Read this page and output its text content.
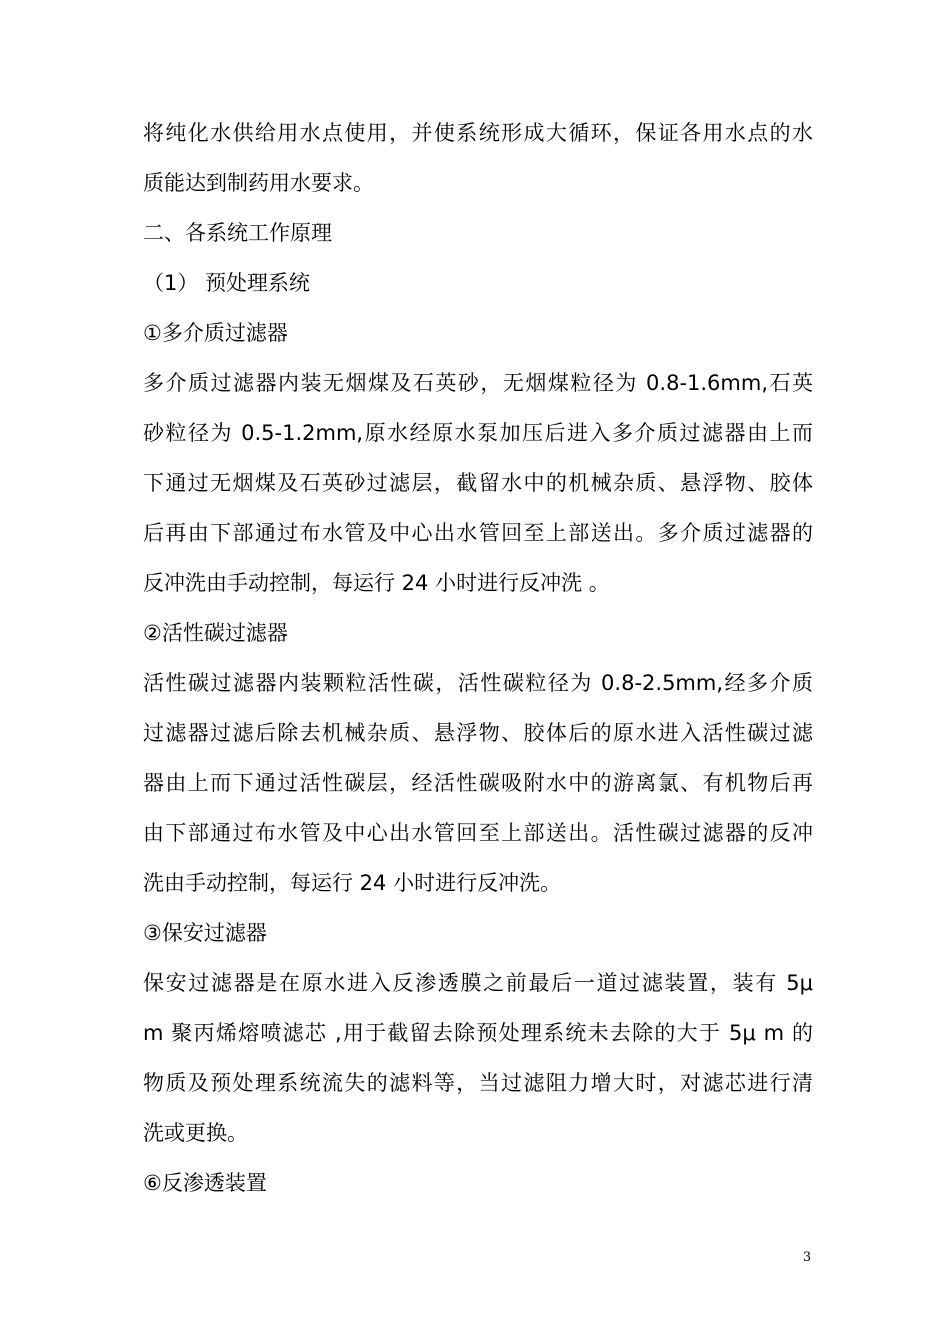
将纯化水供给用水点使用，并使系统形成大循环，保证各用水点的水
质能达到制药用水要求。
二、各系统工作原理
（1） 预处理系统
①多介质过滤器
多介质过滤器内装无烟煤及石英砂，无烟煤粒径为 0.8-1.6mm,石英
砂粒径为 0.5-1.2mm,原水经原水泵加压后进入多介质过滤器由上而
下通过无烟煤及石英砂过滤层，截留水中的机械杂质、悬浮物、胶体
后再由下部通过布水管及中心出水管回至上部送出。多介质过滤器的
反冲洗由手动控制，每运行 24 小时进行反冲洗 。
②活性碳过滤器
活性碳过滤器内装颗粒活性碳，活性碳粒径为 0.8-2.5mm,经多介质
过滤器过滤后除去机械杂质、悬浮物、胶体后的原水进入活性碳过滤
器由上而下通过活性碳层，经活性碳吸附水中的游离氯、有机物后再
由下部通过布水管及中心出水管回至上部送出。活性碳过滤器的反冲
洗由手动控制，每运行 24 小时进行反冲洗。
③保安过滤器
保安过滤器是在原水进入反渗透膜之前最后一道过滤装置，装有 5μ
m 聚丙烯熔喷滤芯 ,用于截留去除预处理系统未去除的大于 5μ m 的
物质及预处理系统流失的滤料等，当过滤阻力增大时，对滤芯进行清
洗或更换。
⑥反渗透装置
3
